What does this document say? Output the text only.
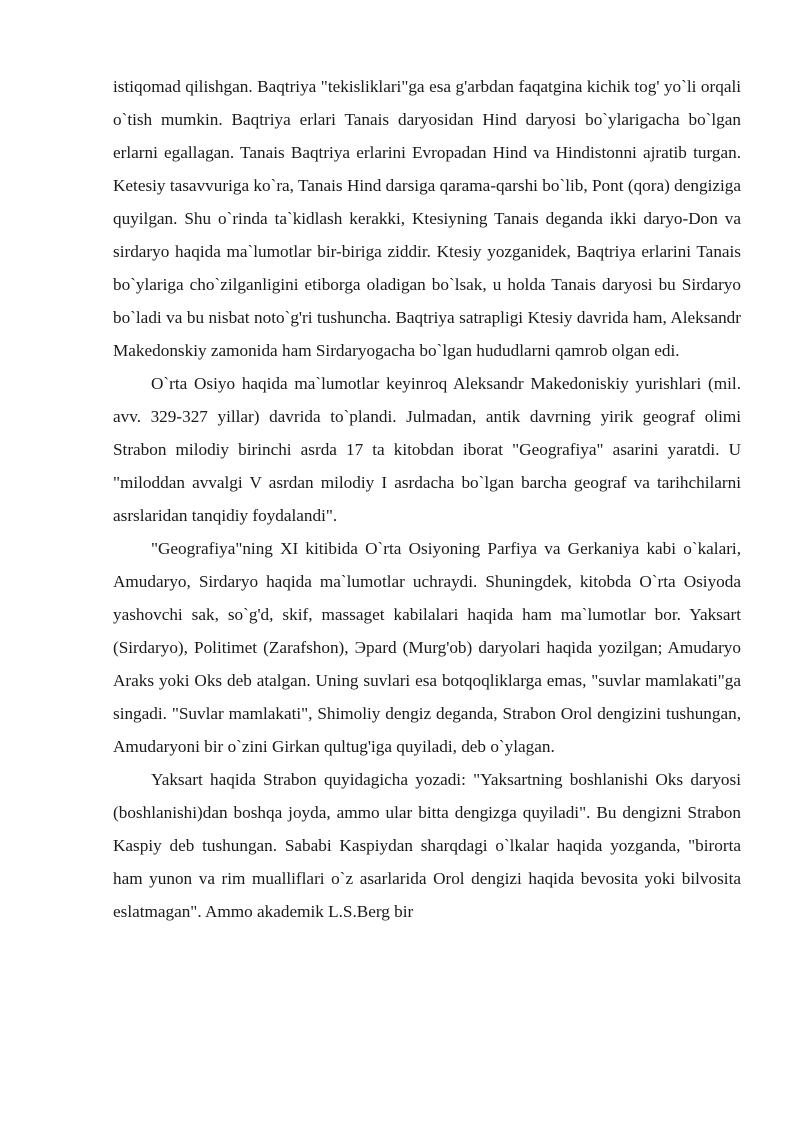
istiqomad qilishgan. Baqtriya "tekisliklari"ga esa g'arbdan faqatgina kichik tog' yo`li orqali o`tish mumkin. Baqtriya erlari Tanais daryosidan Hind daryosi bo`ylarigacha bo`lgan erlarni egallagan. Tanais Baqtriya erlarini Evropadan Hind va Hindistonni ajratib turgan. Ketesiy tasavvuriga ko`ra, Tanais Hind darsiga qarama-qarshi bo`lib, Pont (qora) dengiziga quyilgan. Shu o`rinda ta`kidlash kerakki, Ktesiyning Tanais deganda ikki daryo-Don va sirdaryo haqida ma`lumotlar bir-biriga ziddir. Ktesiy yozganidek, Baqtriya erlarini Tanais bo`ylariga cho`zilganligini etiborga oladigan bo`lsak, u holda Tanais daryosi bu Sirdaryo bo`ladi va bu nisbat noto`g'ri tushuncha. Baqtriya satrapligi Ktesiy davrida ham, Aleksandr Makedonskiy zamonida ham Sirdaryogacha bo`lgan hududlarni qamrob olgan edi.

O`rta Osiyo haqida ma`lumotlar keyinroq Aleksandr Makedoniskiy yurishlari (mil. avv. 329-327 yillar) davrida to`plandi. Julmadan, antik davrning yirik geograf olimi Strabon milodiy birinchi asrda 17 ta kitobdan iborat "Geografiya" asarini yaratdi. U "miloddan avvalgi V asrdan milodiy I asrdacha bo`lgan barcha geograf va tarihchilarni asrslaridan tanqidiy foydalandi".

"Geografiya"ning XI kitibida O`rta Osiyoning Parfiya va Gerkaniya kabi o`kalari, Amudaryo, Sirdaryo haqida ma`lumotlar uchraydi. Shuningdek, kitobda O`rta Osiyoda yashovchi sak, so`g'd, skif, massaget kabilalari haqida ham ma`lumotlar bor. Yaksart (Sirdaryo), Politimet (Zarafshon), Эpard (Murg'ob) daryolari haqida yozilgan; Amudaryo Araks yoki Oks deb atalgan. Uning suvlari esa botqoqliklarga emas, "suvlar mamlakati"ga singadi. "Suvlar mamlakati", Shimoliy dengiz deganda, Strabon Orol dengizini tushungan, Amudaryoni bir o`zini Girkan qultug'iga quyiladi, deb o`ylagan.

Yaksart haqida Strabon quyidagicha yozadi: "Yaksartning boshlanishi Oks daryosi (boshlanishi)dan boshqa joyda, ammo ular bitta dengizga quyiladi". Bu dengizni Strabon Kaspiy deb tushungan. Sababi Kaspiydan sharqdagi o`lkalar haqida yozganda, "birorta ham yunon va rim mualliflari o`z asarlarida Orol dengizi haqida bevosita yoki bilvosita eslatmagan". Ammo akademik L.S.Berg bir
